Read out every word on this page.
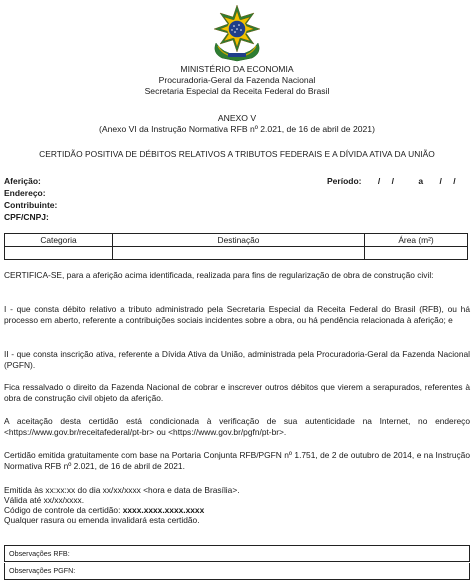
MINISTÉRIO DA ECONOMIA
Procuradoria-Geral da Fazenda Nacional
Secretaria Especial da Receita Federal do Brasil
ANEXO V
(Anexo VI da Instrução Normativa RFB nº 2.021, de 16 de abril de 2021)
CERTIDÃO POSITIVA DE DÉBITOS RELATIVOS A TRIBUTOS FEDERAIS E A DÍVIDA ATIVA DA UNIÃO
Aferição:
Endereço:
Contribuinte:
CPF/CNPJ:
Período: / /	a / /
Categoria	Destinação	Área (m²)

CERTIFICA-SE, para a aferição acima identificada, realizada para fins de regularização de obra de construção civil:
I - que consta débito relativo a tributo administrado pela Secretaria Especial da Receita Federal do Brasil (RFB), ou há processo em aberto, referente a contribuições sociais incidentes sobre a obra, ou há pendência relacionada à aferição; e
II - que consta inscrição ativa, referente a Dívida Ativa da União, administrada pela Procuradoria-Geral da Fazenda Nacional (PGFN).
Fica ressalvado o direito da Fazenda Nacional de cobrar e inscrever outros débitos que vierem a serapurados, referentes à obra de construção civil objeto da aferição.
A aceitação desta certidão está condicionada à verificação de sua autenticidade na Internet, no endereço <https://www.gov.br/receitafederal/pt-br> ou <https://www.gov.br/pgfn/pt-br>.
Certidão emitida gratuitamente com base na Portaria Conjunta RFB/PGFN nº 1.751, de 2 de outubro de 2014, e na Instrução Normativa RFB nº 2.021, de 16 de abril de 2021.
Emitida às xx:xx:xx do dia xx/xx/xxxx <hora e data de Brasília>.
Válida até xx/xx/xxxx.
Código de controle da certidão: xxxx.xxxx.xxxx.xxxx
Qualquer rasura ou emenda invalidará esta certidão.
Observações RFB:
Observações PGFN:
